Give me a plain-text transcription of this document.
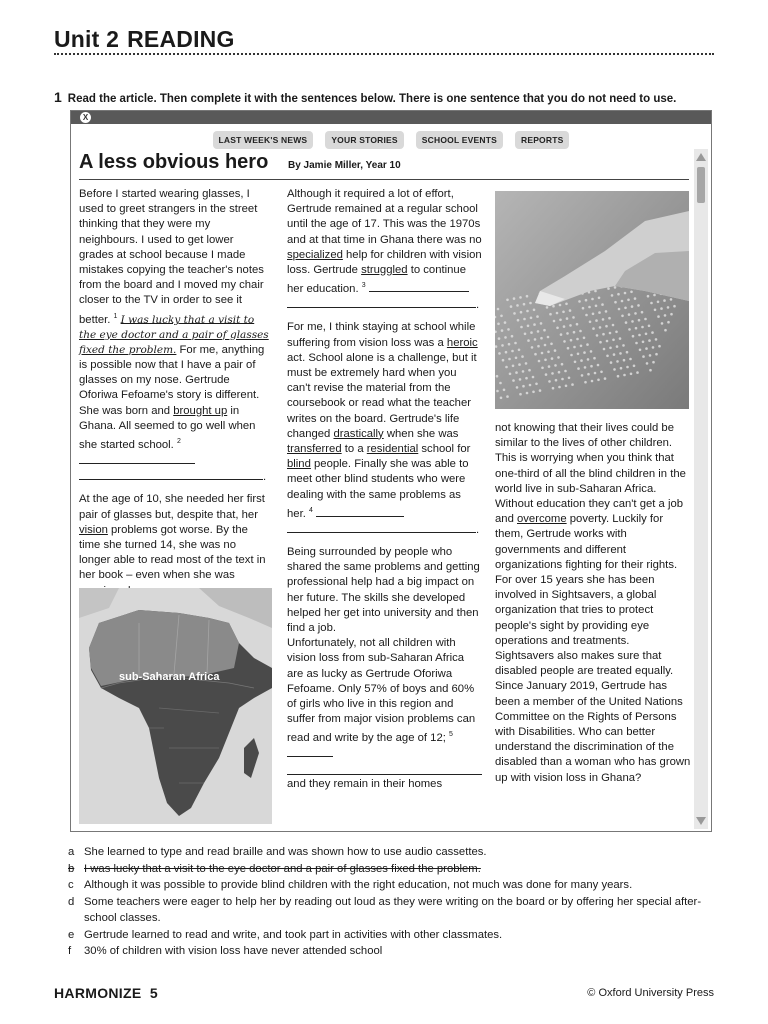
Unit 2 READING
1 Read the article. Then complete it with the sentences below. There is one sentence that you do not need to use.
X
LAST WEEK'S NEWS	YOUR STORIES	SCHOOL EVENTS	REPORTS
A less obvious hero By Jamie Miller, Year 10

Before I started wearing glasses, I used to greet strangers in the street thinking that they were my neighbours. I used to get lower grades at school because I made mistakes copying the teacher's notes from the board and I moved my chair closer to the TV in order to see it better. $^1$ I was lucky that a visit to the eye doctor and a pair of glasses fixed the problem. For me, anything is possible now that I have a pair of glasses on my nose. Gertrude Oforiwa Fefoame's story is different. She was born and brought up in Ghana. All seemed to go well when she started school. $^2$ .

At the age of 10, she needed her first pair of glasses but, despite that, her vision problems got worse. By the time she turned 14, she was no longer able to read most of the text in her book – even when she was

sub-Saharan Africa

Although it required a lot of effort, Gertrude remained at a regular school until the age of 17. This was the 1970s and at that time in Ghana there was no specialized help for children with vision loss. Gertrude struggled to continue her education. $^3$ .

For me, I think staying at school while suffering from vision loss was a heroic act. School alone is a challenge, but it must be extremely hard when you can't revise the material from the coursebook or read what the teacher writes on the board. Gertrude's life changed drastically when she was transferred to a residential school for blind people. Finally she was able to meet other blind students who were dealing with the same problems as her. $^4$ .

Being surrounded by people who shared the same problems and getting professional help had a big impact on her future. The skills she developed helped her get into university and then find a job.

Unfortunately, not all children with vision loss from sub-Saharan Africa are as lucky as Gertrude Oforiwa Fefoame. Only 57% of boys and 60% of girls who live in this region and suffer from major vision problems can read and write by the age of 12; $^5$
and they remain in their homes

not knowing that their lives could be similar to the lives of other children. This is worrying when you think that one-third of all the blind children in the world live in sub-Saharan Africa. Without education they can't get a job and overcome poverty. Luckily for them, Gertrude works with governments and different organizations fighting for their rights. For over 15 years she has been involved in Sightsavers, a global organization that tries to protect people's sight by providing eye operations and treatments. Sightsavers also makes sure that disabled people are treated equally. Since January 2019, Gertrude has been a member of the United Nations Committee on the Rights of Persons with Disabilities. Who can better understand the discrimination of the disabled than a woman who has grown up with vision loss in Ghana?

a She learned to type and read braille and was shown how to use audio cassettes.
b I was lucky that a visit to the eye doctor and a pair of glasses fixed the problem.
c Although it was possible to provide blind children with the right education, not much was done for many years.
d Some teachers were eager to help her by reading out loud as they were writing on the board or by offering her special after-school classes.
e Gertrude learned to read and write, and took part in activities with other classmates.
f	30% of children with vision loss have never attended school
HARMONIZE 5	© Oxford University Press
